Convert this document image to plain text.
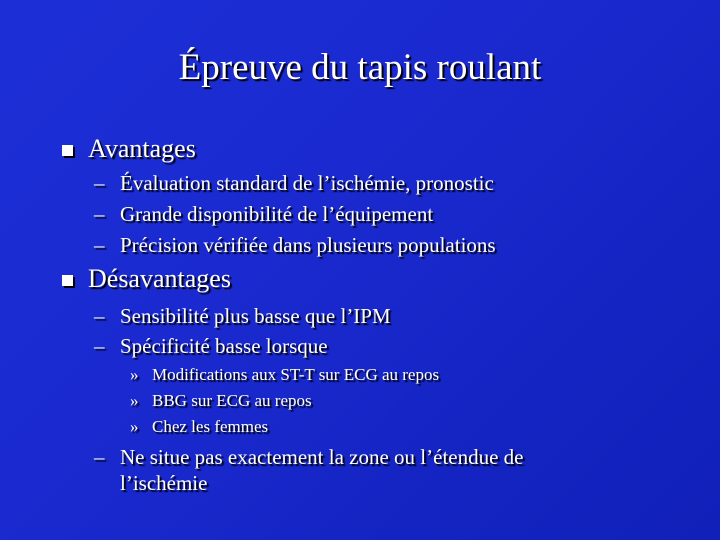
Épreuve du tapis roulant
Avantages
– Évaluation standard de l’ischémie, pronostic
– Grande disponibilité de l’équipement
– Précision vérifiée dans plusieurs populations
Désavantages
– Sensibilité plus basse que l’IPM
– Spécificité basse lorsque
» Modifications aux ST-T sur ECG au repos
» BBG sur ECG au repos
» Chez les femmes
– Ne situe pas exactement la zone ou l’étendue de
l’ischémie
